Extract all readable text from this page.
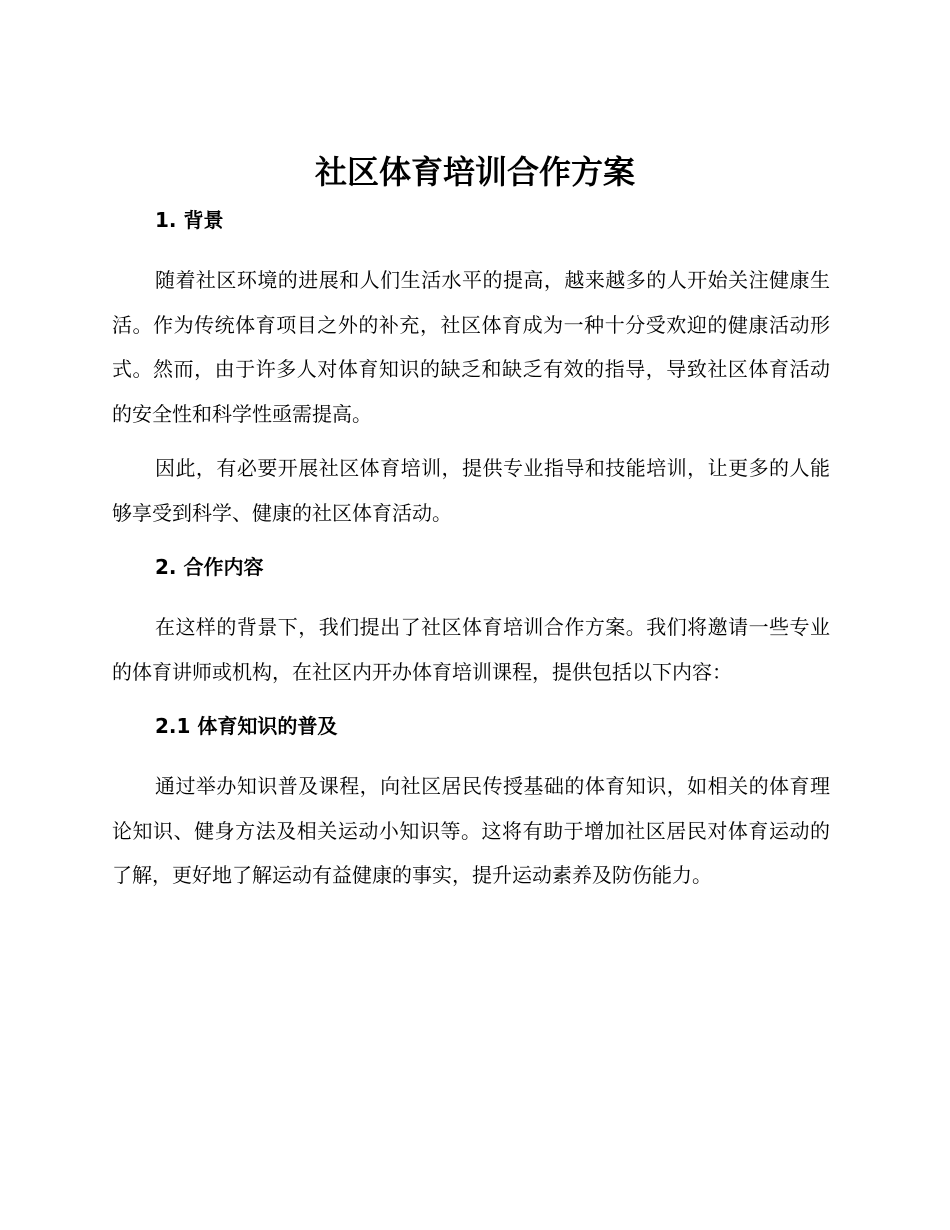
社区体育培训合作方案
1. 背景

随着社区环境的进展和人们生活水平的提高，越来越多的人开始关注健康生活。作为传统体育项目之外的补充，社区体育成为一种十分受欢迎的健康活动形式。然而，由于许多人对体育知识的缺乏和缺乏有效的指导，导致社区体育活动的安全性和科学性亟需提高。

因此，有必要开展社区体育培训，提供专业指导和技能培训，让更多的人能够享受到科学、健康的社区体育活动。

2. 合作内容

在这样的背景下，我们提出了社区体育培训合作方案。我们将邀请一些专业的体育讲师或机构，在社区内开办体育培训课程，提供包括以下内容：

2.1 体育知识的普及

通过举办知识普及课程，向社区居民传授基础的体育知识，如相关的体育理论知识、健身方法及相关运动小知识等。这将有助于增加社区居民对体育运动的了解，更好地了解运动有益健康的事实，提升运动素养及防伤能力。
